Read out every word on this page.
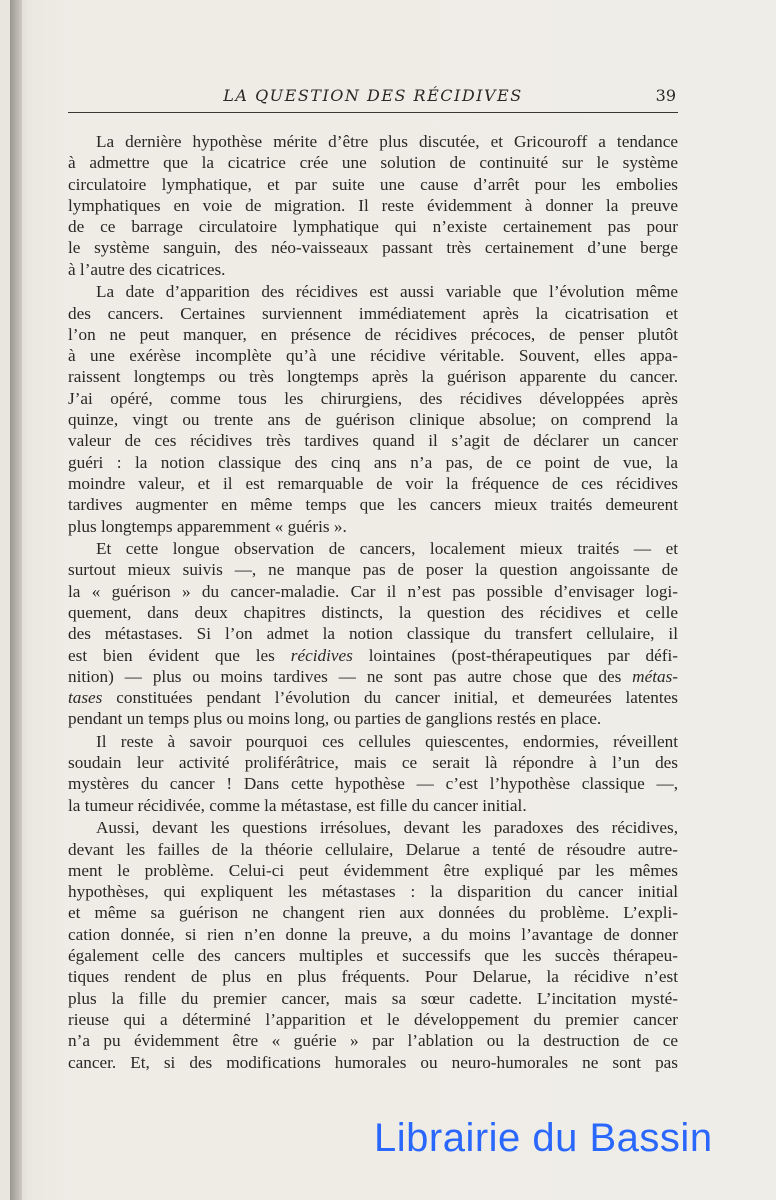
LA QUESTION DES RÉCIDIVES	39
La dernière hypothèse mérite d’être plus discutée, et Gricouroff a tendance
à admettre que la cicatrice crée une solution de continuité sur le système
circulatoire lymphatique, et par suite une cause d’arrêt pour les embolies
lymphatiques en voie de migration. Il reste évidemment à donner la preuve
de ce barrage circulatoire lymphatique qui n’existe certainement pas pour
le système sanguin, des néo-vaisseaux passant très certainement d’une berge
à l’autre des cicatrices.
La date d’apparition des récidives est aussi variable que l’évolution même
des cancers. Certaines surviennent immédiatement après la cicatrisation et
l’on ne peut manquer, en présence de récidives précoces, de penser plutôt
à une exérèse incomplète qu’à une récidive véritable. Souvent, elles appa-
raissent longtemps ou très longtemps après la guérison apparente du cancer.
J’ai opéré, comme tous les chirurgiens, des récidives développées après
quinze, vingt ou trente ans de guérison clinique absolue; on comprend la
valeur de ces récidives très tardives quand il s’agit de déclarer un cancer
guéri : la notion classique des cinq ans n’a pas, de ce point de vue, la
moindre valeur, et il est remarquable de voir la fréquence de ces récidives
tardives augmenter en même temps que les cancers mieux traités demeurent
plus longtemps apparemment « guéris ».
Et cette longue observation de cancers, localement mieux traités — et
surtout mieux suivis —, ne manque pas de poser la question angoissante de
la « guérison » du cancer-maladie. Car il n’est pas possible d’envisager logi-
quement, dans deux chapitres distincts, la question des récidives et celle
des métastases. Si l’on admet la notion classique du transfert cellulaire, il
est bien évident que les récidives lointaines (post-thérapeutiques par défi-
nition) — plus ou moins tardives — ne sont pas autre chose que des métas-
tases constituées pendant l’évolution du cancer initial, et demeurées latentes
pendant un temps plus ou moins long, ou parties de ganglions restés en place.
Il reste à savoir pourquoi ces cellules quiescentes, endormies, réveillent
soudain leur activité proliférâtrice, mais ce serait là répondre à l’un des
mystères du cancer ! Dans cette hypothèse — c’est l’hypothèse classique —,
la tumeur récidivée, comme la métastase, est fille du cancer initial.
Aussi, devant les questions irrésolues, devant les paradoxes des récidives,
devant les failles de la théorie cellulaire, Delarue a tenté de résoudre autre-
ment le problème. Celui-ci peut évidemment être expliqué par les mêmes
hypothèses, qui expliquent les métastases : la disparition du cancer initial
et même sa guérison ne changent rien aux données du problème. L’expli-
cation donnée, si rien n’en donne la preuve, a du moins l’avantage de donner
également celle des cancers multiples et successifs que les succès thérapeu-
tiques rendent de plus en plus fréquents. Pour Delarue, la récidive n’est
plus la fille du premier cancer, mais sa sœur cadette. L’incitation mysté-
rieuse qui a déterminé l’apparition et le développement du premier cancer
n’a pu évidemment être « guérie » par l’ablation ou la destruction de ce
cancer. Et, si des modifications humorales ou neuro-humorales ne sont pas
Librairie du Bassin
